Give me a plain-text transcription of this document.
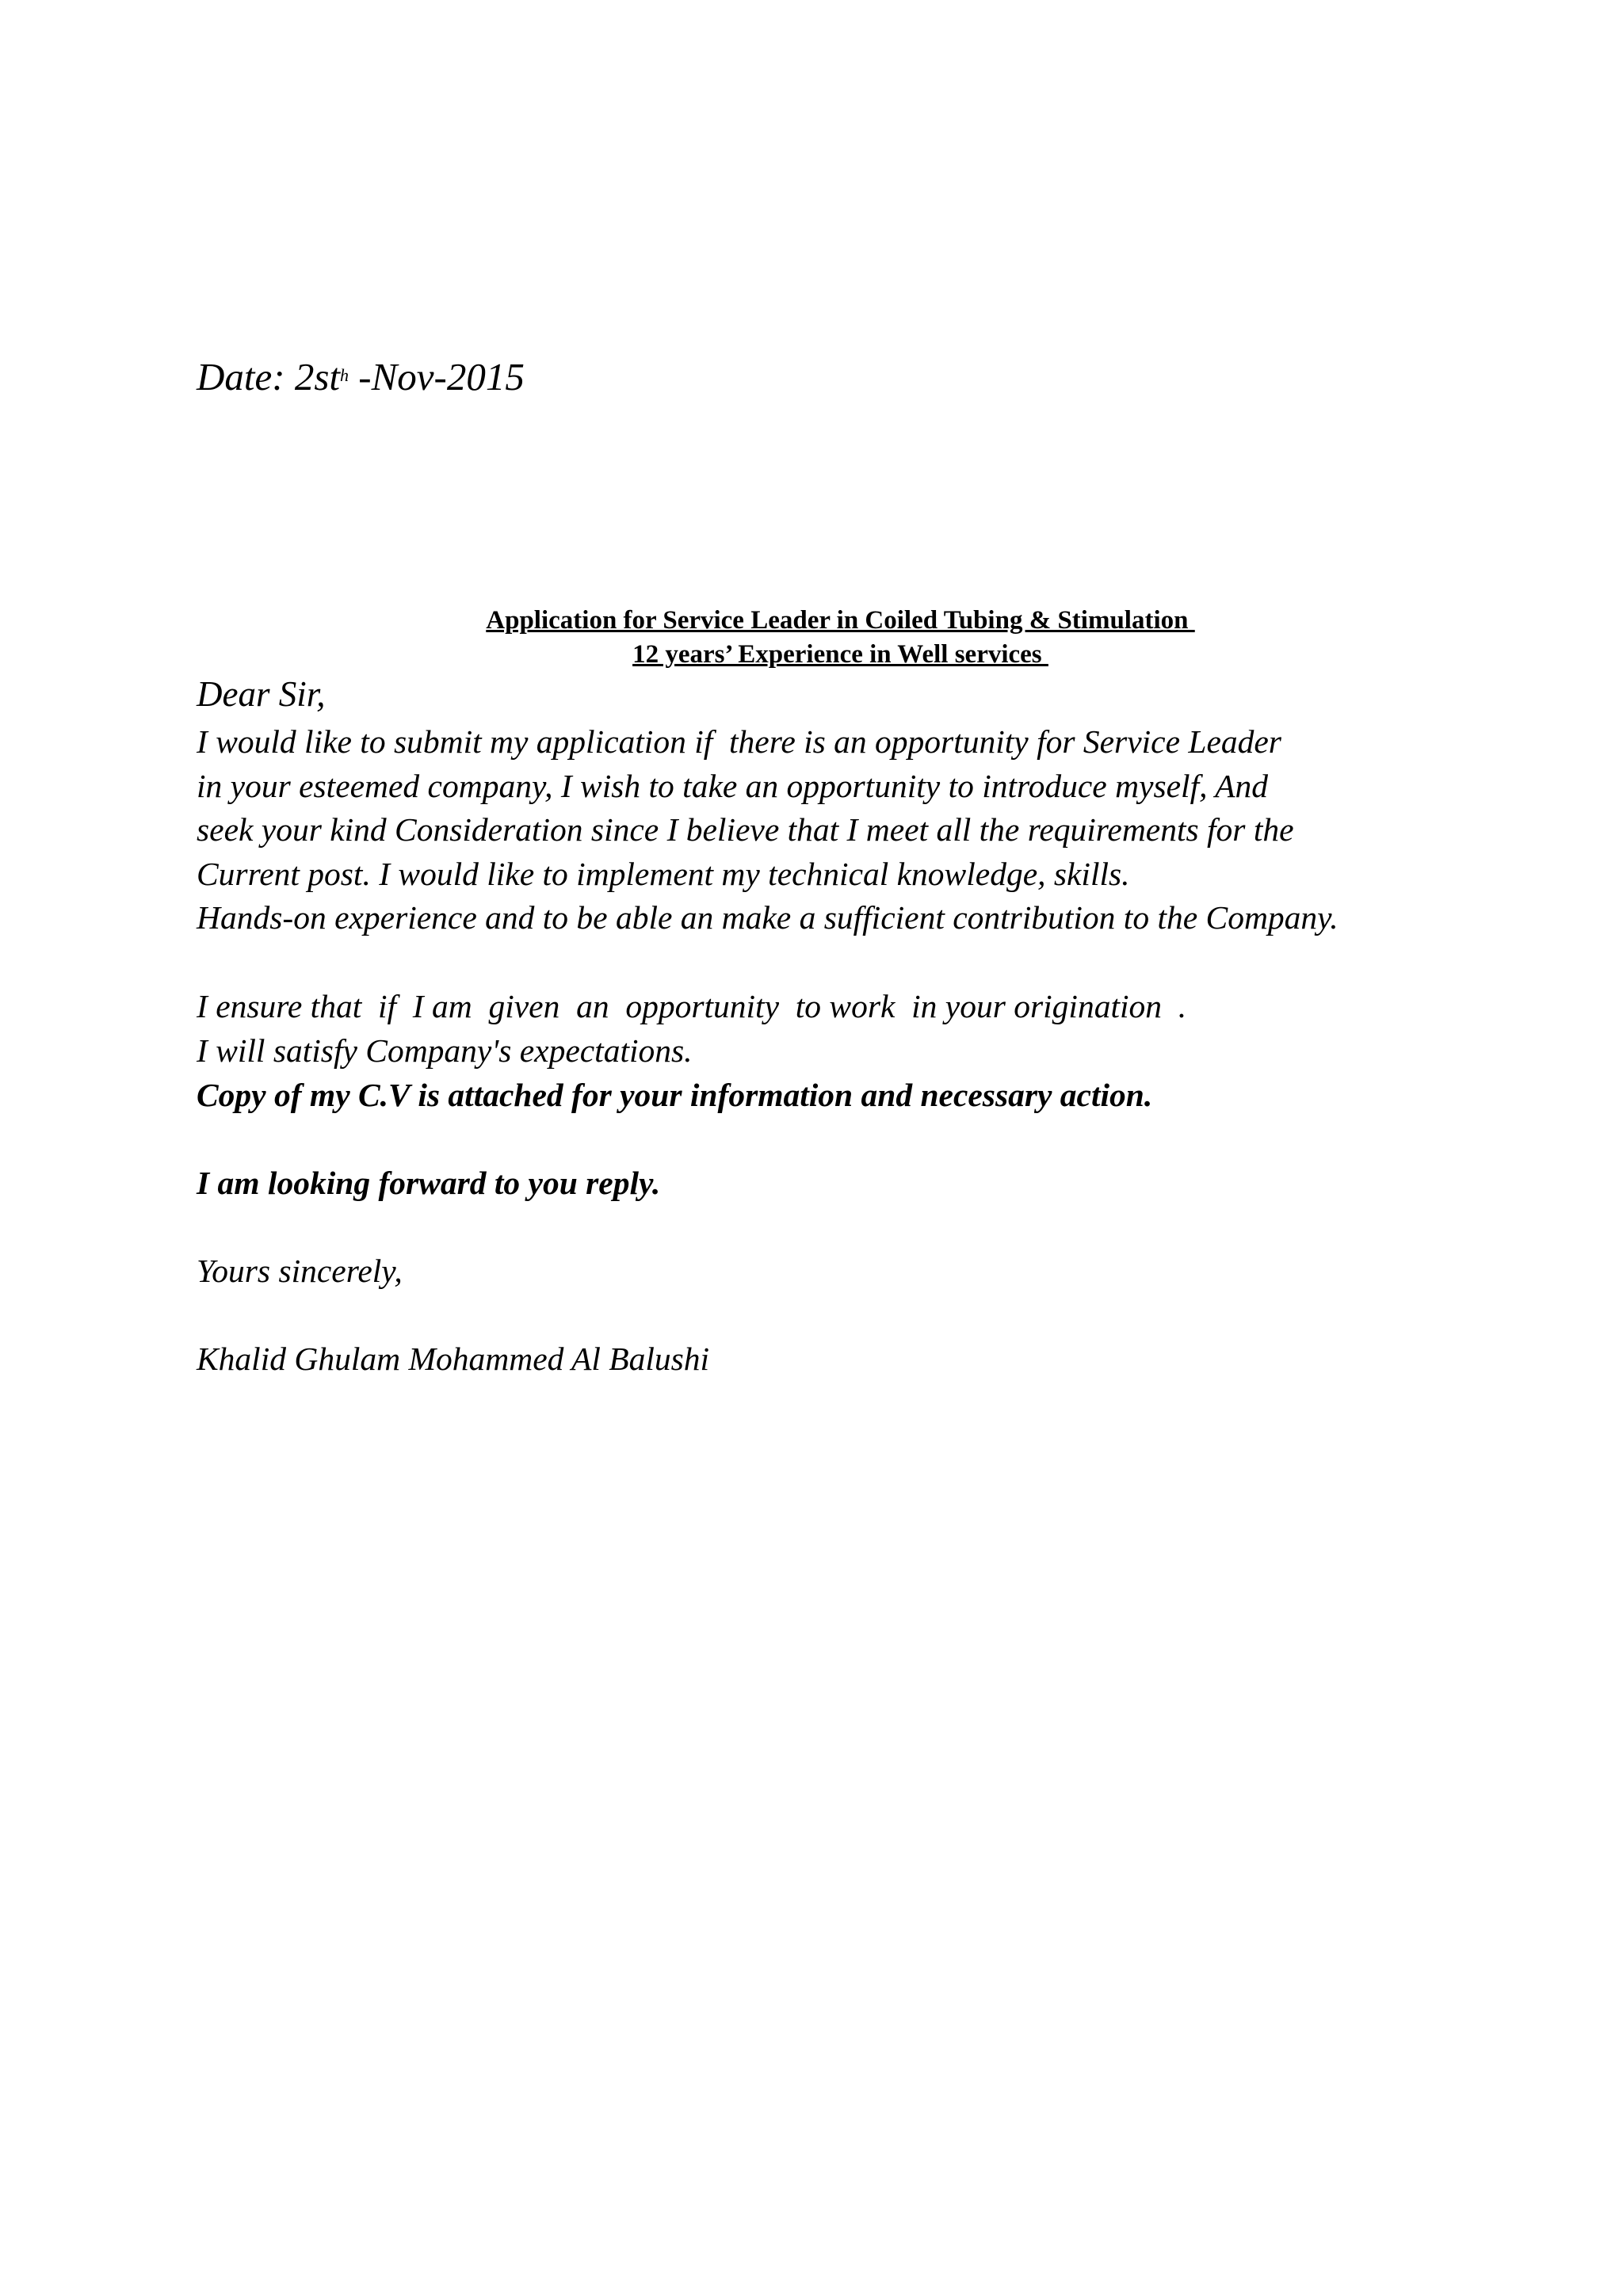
Date: $2st^h$ -Nov-2015
Application for Service Leader in Coiled Tubing & Stimulation
12 years’ Experience in Well services
Dear Sir,
I would like to submit my application if  there is an opportunity for Service Leader
in your esteemed company, I wish to take an opportunity to introduce myself, And
seek your kind Consideration since I believe that I meet all the requirements for the
Current post. I would like to implement my technical knowledge, skills.
Hands-on experience and to be able an make a sufficient contribution to the Company.
I ensure that  if  I am  given  an  opportunity  to work  in your origination  .
I will satisfy Company's expectations.
Copy of my C.V is attached for your information and necessary action.
I am looking forward to you reply.
Yours sincerely,
Khalid Ghulam Mohammed Al Balushi
